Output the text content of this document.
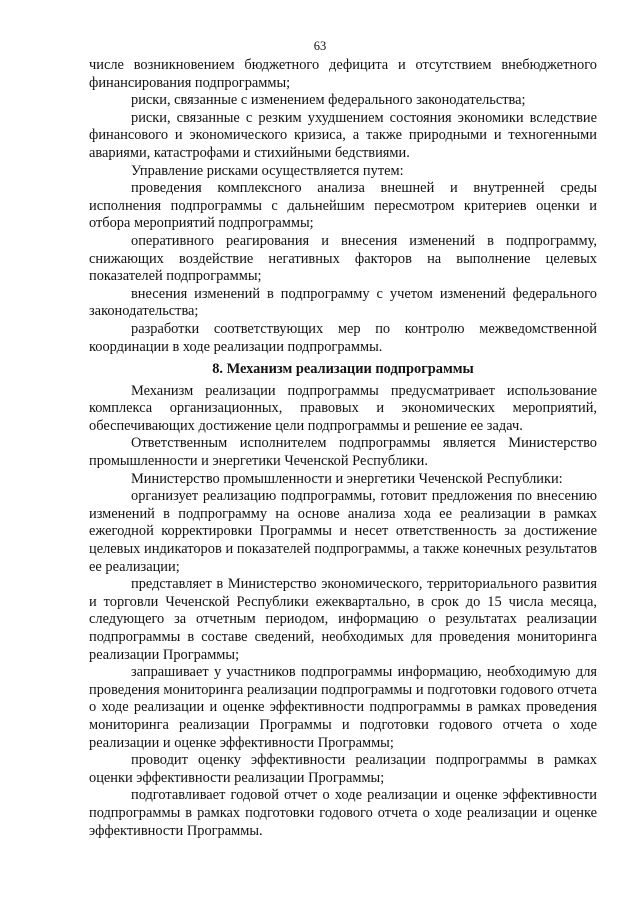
63

числе возникновением бюджетного дефицита и отсутствием внебюджетного финансирования подпрограммы;

риски, связанные с изменением федерального законодательства;

риски, связанные с резким ухудшением состояния экономики вследствие финансового и экономического кризиса, а также природными и техногенными авариями, катастрофами и стихийными бедствиями.

Управление рисками осуществляется путем:

проведения комплексного анализа внешней и внутренней среды исполнения подпрограммы с дальнейшим пересмотром критериев оценки и отбора мероприятий подпрограммы;

оперативного реагирования и внесения изменений в подпрограмму, снижающих воздействие негативных факторов на выполнение целевых показателей подпрограммы;

внесения изменений в подпрограмму с учетом изменений федерального законодательства;

разработки соответствующих мер по контролю межведомственной координации в ходе реализации подпрограммы.

8. Механизм реализации подпрограммы

Механизм реализации подпрограммы предусматривает использование комплекса организационных, правовых и экономических мероприятий, обеспечивающих достижение цели подпрограммы и решение ее задач.

Ответственным исполнителем подпрограммы является Министерство промышленности и энергетики Чеченской Республики.

Министерство промышленности и энергетики Чеченской Республики:

организует реализацию подпрограммы, готовит предложения по внесению изменений в подпрограмму на основе анализа хода ее реализации в рамках ежегодной корректировки Программы и несет ответственность за достижение целевых индикаторов и показателей подпрограммы, а также конечных результатов ее реализации;

представляет в Министерство экономического, территориального развития и торговли Чеченской Республики ежеквартально, в срок до 15 числа месяца, следующего за отчетным периодом, информацию о результатах реализации подпрограммы в составе сведений, необходимых для проведения мониторинга реализации Программы;

запрашивает у участников подпрограммы информацию, необходимую для проведения мониторинга реализации подпрограммы и подготовки годового отчета о ходе реализации и оценке эффективности подпрограммы в рамках проведения мониторинга реализации Программы и подготовки годового отчета о ходе реализации и оценке эффективности Программы;

проводит оценку эффективности реализации подпрограммы в рамках оценки эффективности реализации Программы;

подготавливает годовой отчет о ходе реализации и оценке эффективности подпрограммы в рамках подготовки годового отчета о ходе реализации и оценке эффективности Программы.
